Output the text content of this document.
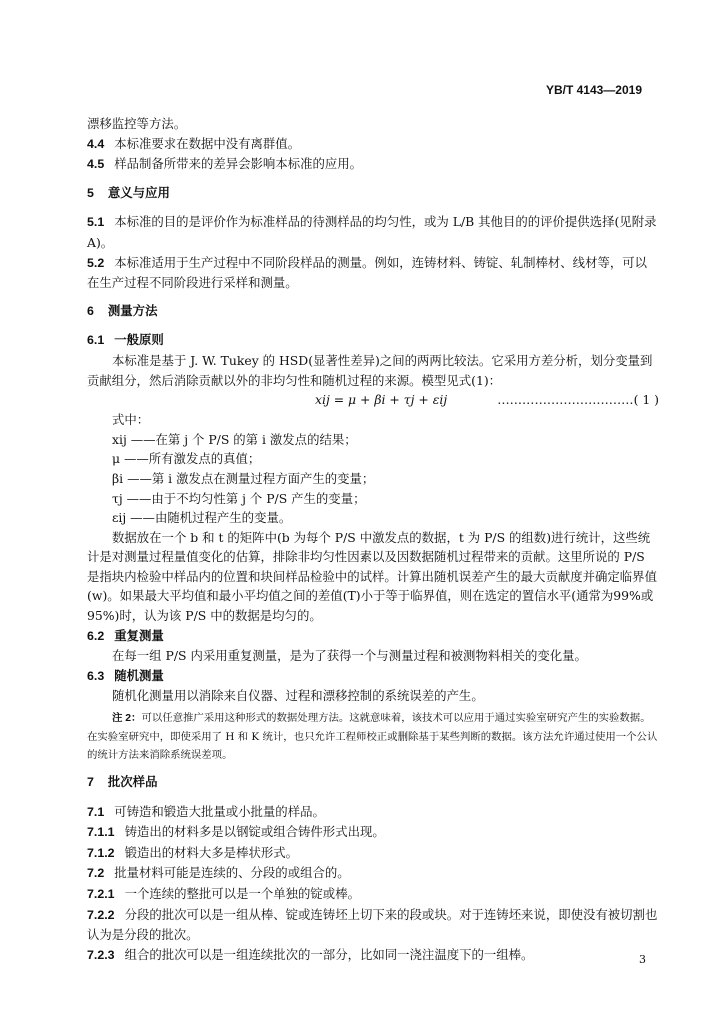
YB/T 4143—2019

漂移监控等方法。

4.4 本标准要求在数据中没有离群值。

4.5 样品制备所带来的差异会影响本标准的应用。

5 意义与应用

5.1 本标准的目的是评价作为标准样品的待测样品的均匀性，或为 L/B 其他目的的评价提供选择(见附录 A)。

5.2 本标准适用于生产过程中不同阶段样品的测量。例如，连铸材料、铸锭、轧制棒材、线材等，可以在生产过程不同阶段进行采样和测量。

6 测量方法
6.1 一般原则

本标准是基于 J. W. Tukey 的 HSD(显著性差异)之间的两两比较法。它采用方差分析，划分变量到贡献组分，然后消除贡献以外的非均匀性和随机过程的来源。模型见式(1)：

xij = μ + βi + τj + εij	……………………………( 1 )

式中：

xij ——在第 j 个 P/S 的第 i 激发点的结果；

μ ——所有激发点的真值；

βi ——第 i 激发点在测量过程方面产生的变量；

τj ——由于不均匀性第 j 个 P/S 产生的变量；

εij ——由随机过程产生的变量。

数据放在一个 b 和 t 的矩阵中(b 为每个 P/S 中激发点的数据，t 为 P/S 的组数)进行统计，这些统计是对测量过程量值变化的估算，排除非均匀性因素以及因数据随机过程带来的贡献。这里所说的 P/S 是指块内检验中样品内的位置和块间样品检验中的试样。计算出随机误差产生的最大贡献度并确定临界值(w)。如果最大平均值和最小平均值之间的差值(T)小于等于临界值，则在选定的置信水平(通常为99%或 95%)时，认为该 P/S 中的数据是均匀的。

6.2 重复测量

在每一组 P/S 内采用重复测量，是为了获得一个与测量过程和被测物料相关的变化量。

6.3 随机测量

随机化测量用以消除来自仪器、过程和漂移控制的系统误差的产生。

注 2：可以任意推广采用这种形式的数据处理方法。这就意味着，该技术可以应用于通过实验室研究产生的实验数据。在实验室研究中，即使采用了 H 和 K 统计，也只允许工程师校正或删除基于某些判断的数据。该方法允许通过使用一个公认的统计方法来消除系统误差项。

7 批次样品

7.1 可铸造和锻造大批量或小批量的样品。

7.1.1 铸造出的材料多是以钢锭或组合铸件形式出现。

7.1.2 锻造出的材料大多是棒状形式。

7.2 批量材料可能是连续的、分段的或组合的。

7.2.1 一个连续的整批可以是一个单独的锭或棒。

7.2.2 分段的批次可以是一组从棒、锭或连铸坯上切下来的段或块。对于连铸坯来说，即使没有被切割也认为是分段的批次。

7.2.3 组合的批次可以是一组连续批次的一部分，比如同一浇注温度下的一组棒。	3
